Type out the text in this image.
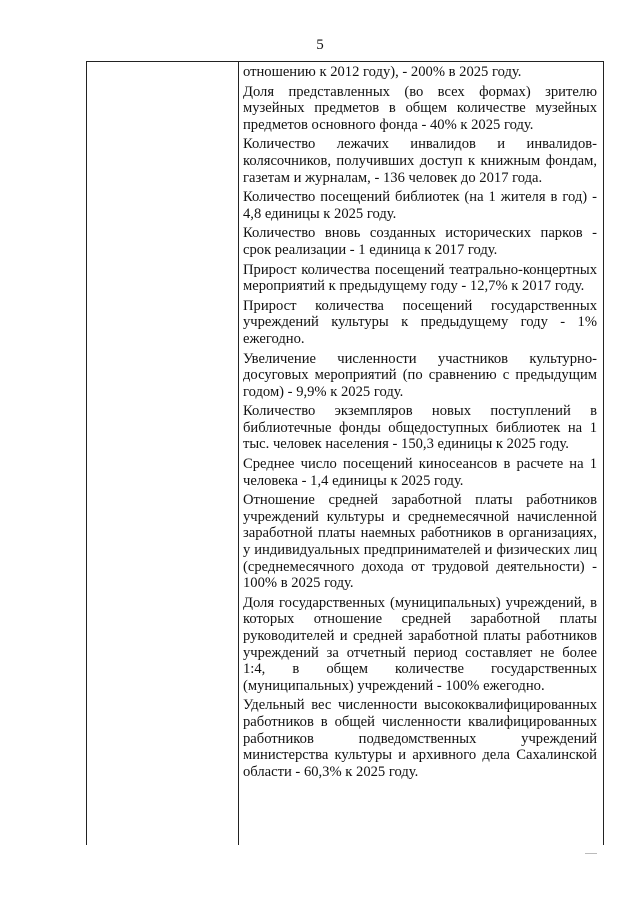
5

отношению к 2012 году), - 200% в 2025 году.

Доля представленных (во всех формах) зрителю музейных предметов в общем количестве музейных предметов основного фонда - 40% к 2025 году.

Количество лежачих инвалидов и инвалидов-колясочников, получивших доступ к книжным фондам, газетам и журналам, - 136 человек до 2017 года.

Количество посещений библиотек (на 1 жителя в год) - 4,8 единицы к 2025 году.

Количество вновь созданных исторических парков - срок реализации - 1 единица к 2017 году.

Прирост количества посещений театрально-концертных мероприятий к предыдущему году - 12,7% к 2017 году.

Прирост количества посещений государственных учреждений культуры к предыдущему году - 1% ежегодно.

Увеличение численности участников культурно-досуговых мероприятий (по сравнению с предыдущим годом) - 9,9% к 2025 году.

Количество экземпляров новых поступлений в библиотечные фонды общедоступных библиотек на 1 тыс. человек населения - 150,3 единицы к 2025 году.

Среднее число посещений киносеансов в расчете на 1 человека - 1,4 единицы к 2025 году.

Отношение средней заработной платы работников учреждений культуры и среднемесячной начисленной заработной платы наемных работников в организациях, у индивидуальных предпринимателей и физических лиц (среднемесячного дохода от трудовой деятельности) - 100% в 2025 году.

Доля государственных (муниципальных) учреждений, в которых отношение средней заработной платы руководителей и средней заработной платы работников учреждений за отчетный период составляет не более 1:4, в общем количестве государственных (муниципальных) учреждений - 100% ежегодно.

Удельный вес численности высококвалифицированных работников в общей численности квалифицированных работников подведомственных учреждений министерства культуры и архивного дела Сахалинской области - 60,3% к 2025 году.
